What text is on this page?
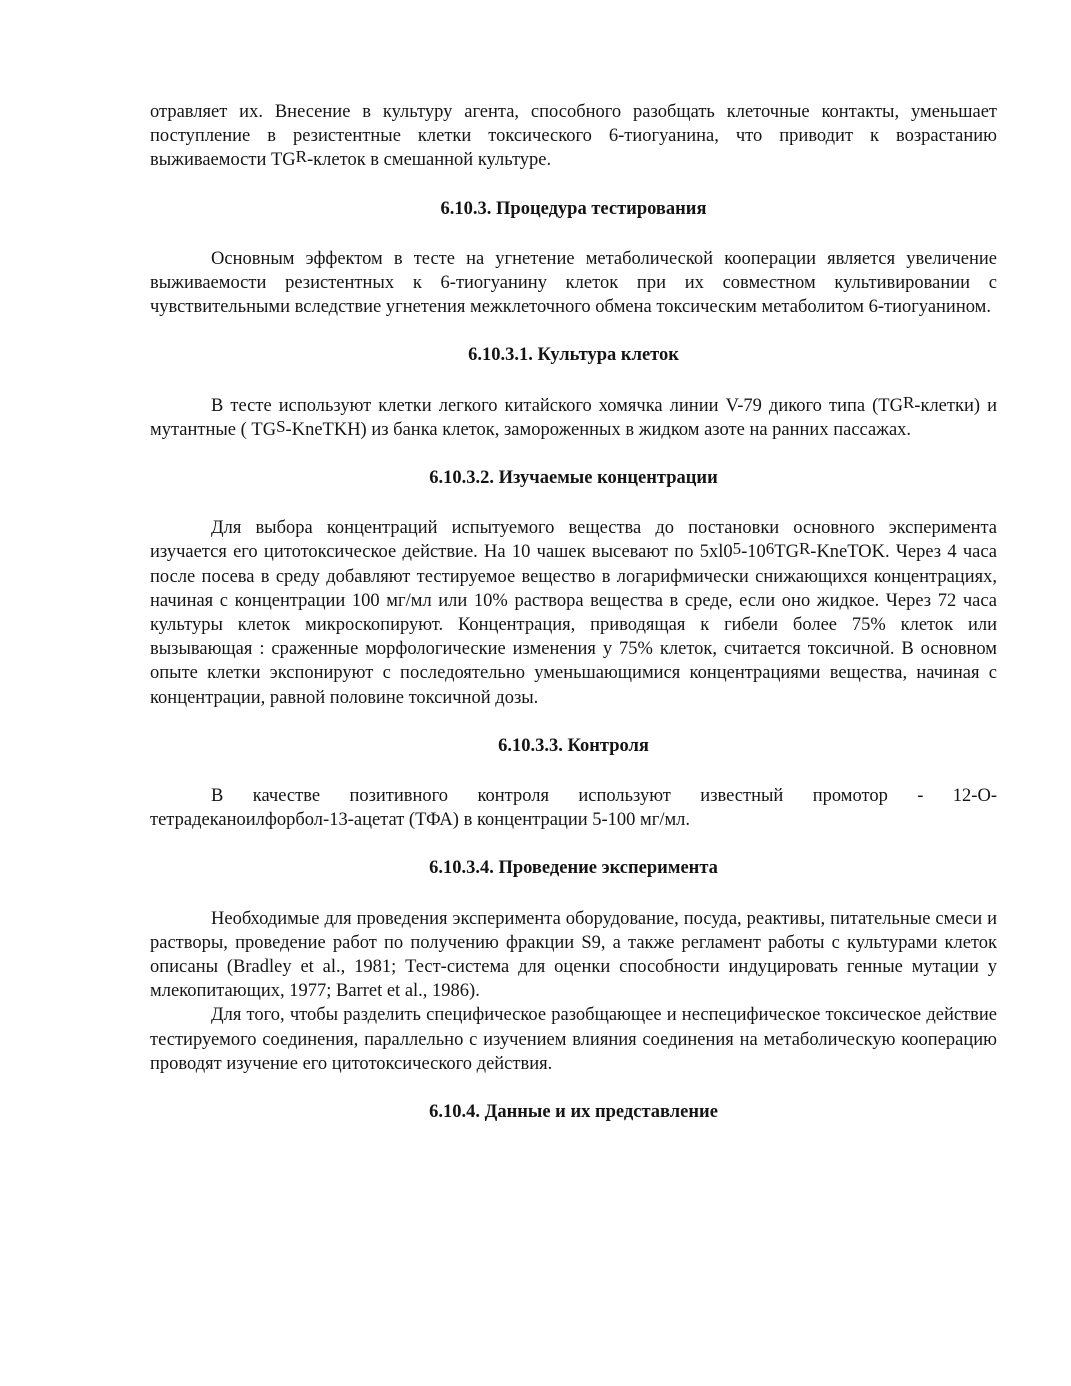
отравляет их. Внесение в культуру агента, способного разобщать клеточные контакты, уменьшает поступление в резистентные клетки токсического 6-тиогуанина, что приводит к возрастанию выживаемости $TG^R$-клеток в смешанной культуре.

6.10.3. Процедура тестирования

Основным эффектом в тесте на угнетение метаболической кооперации является увеличение выживаемости резистентных к 6-тиогуанину клеток при их совместном культивировании с чувствительными вследствие угнетения межклеточного обмена токсическим метаболитом 6-тиогуанином.

6.10.3.1. Культура клеток

В тесте используют клетки легкого китайского хомячка линии V-79 дикого типа $(TG^R-клетки)$ и мутантные ( $TG^S-KneTKH$) из банка клеток, замороженных в жидком азоте на ранних пассажах.

6.10.3.2. Изучаемые концентрации

Для выбора концентраций испытуемого вещества до постановки основного эксперимента изучается его цитотоксическое действие. На 10 чашек высевают по $5xl0^5-10^6TG^R$-KneTOK. Через 4 часа после посева в среду добавляют тестируемое вещество в логарифмически снижающихся концентрациях, начиная с концентрации 100 мг/мл или 10% раствора вещества в среде, если оно жидкое. Через 72 часа культуры клеток микроскопируют. Концентрация, приводящая к гибели более 75% клеток или вызывающая : сраженные морфологические изменения у 75% клеток, считается токсичной. В основном опыте клетки экспонируют с последоятельно уменьшающимися концентрациями вещества, начиная с концентрации, равной половине токсичной дозы.

6.10.3.3. Контроля

В качестве позитивного контроля используют известный промотор - 12-О-тетрадеканоилфорбол-13-ацетат (ТФА) в концентрации 5-100 мг/мл.

6.10.3.4. Проведение эксперимента

Необходимые для проведения эксперимента оборудование, посуда, реактивы, питательные смеси и растворы, проведение работ по получению фракции S9, а также регламент работы с культурами клеток описаны (Bradley et al., 1981; Тест-система для оценки способности индуцировать генные мутации у млекопитающих, 1977; Barret et al., 1986).

Для того, чтобы разделить специфическое разобщающее и неспецифическое токсическое действие тестируемого соединения, параллельно с изучением влияния соединения на метаболическую кооперацию проводят изучение его цитотоксического действия.

6.10.4. Данные и их представление
